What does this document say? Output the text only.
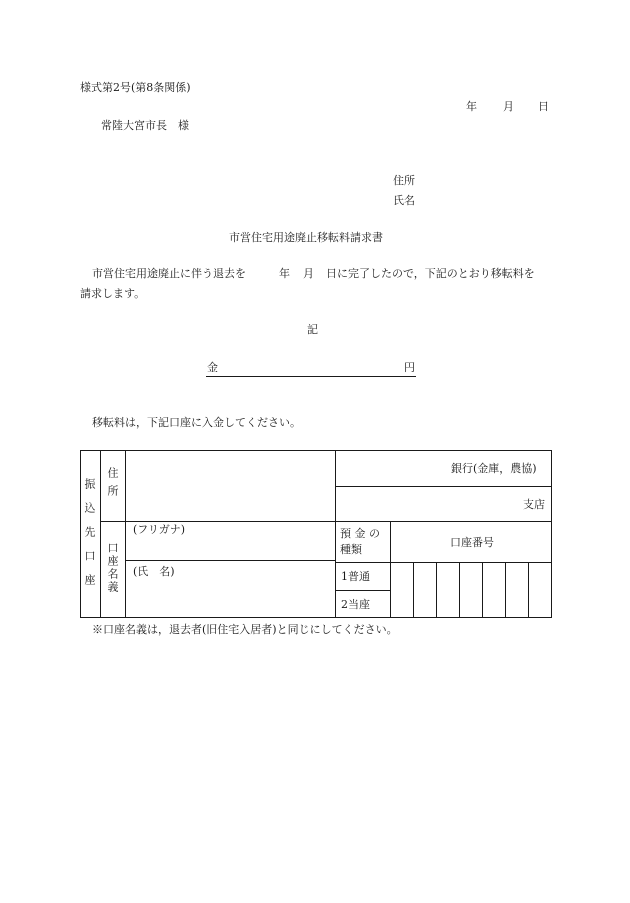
様式第2号(第8条関係)
年 月 日
常陸大宮市長　様
住所
氏名
市営住宅用途廃止移転料請求書
市営住宅用途廃止に伴う退去を	年 月 日に完了したので，下記のとおり移転料を
請求します。
記
金	円
移転料は，下記口座に入金してください。
振込先口座 住所
口座名義
(フリガナ)
(氏　名)
銀行(金庫，農協)
支店
預 金 の
種類
口座番号
1普通
2当座
※口座名義は，退去者(旧住宅入居者)と同じにしてください。
